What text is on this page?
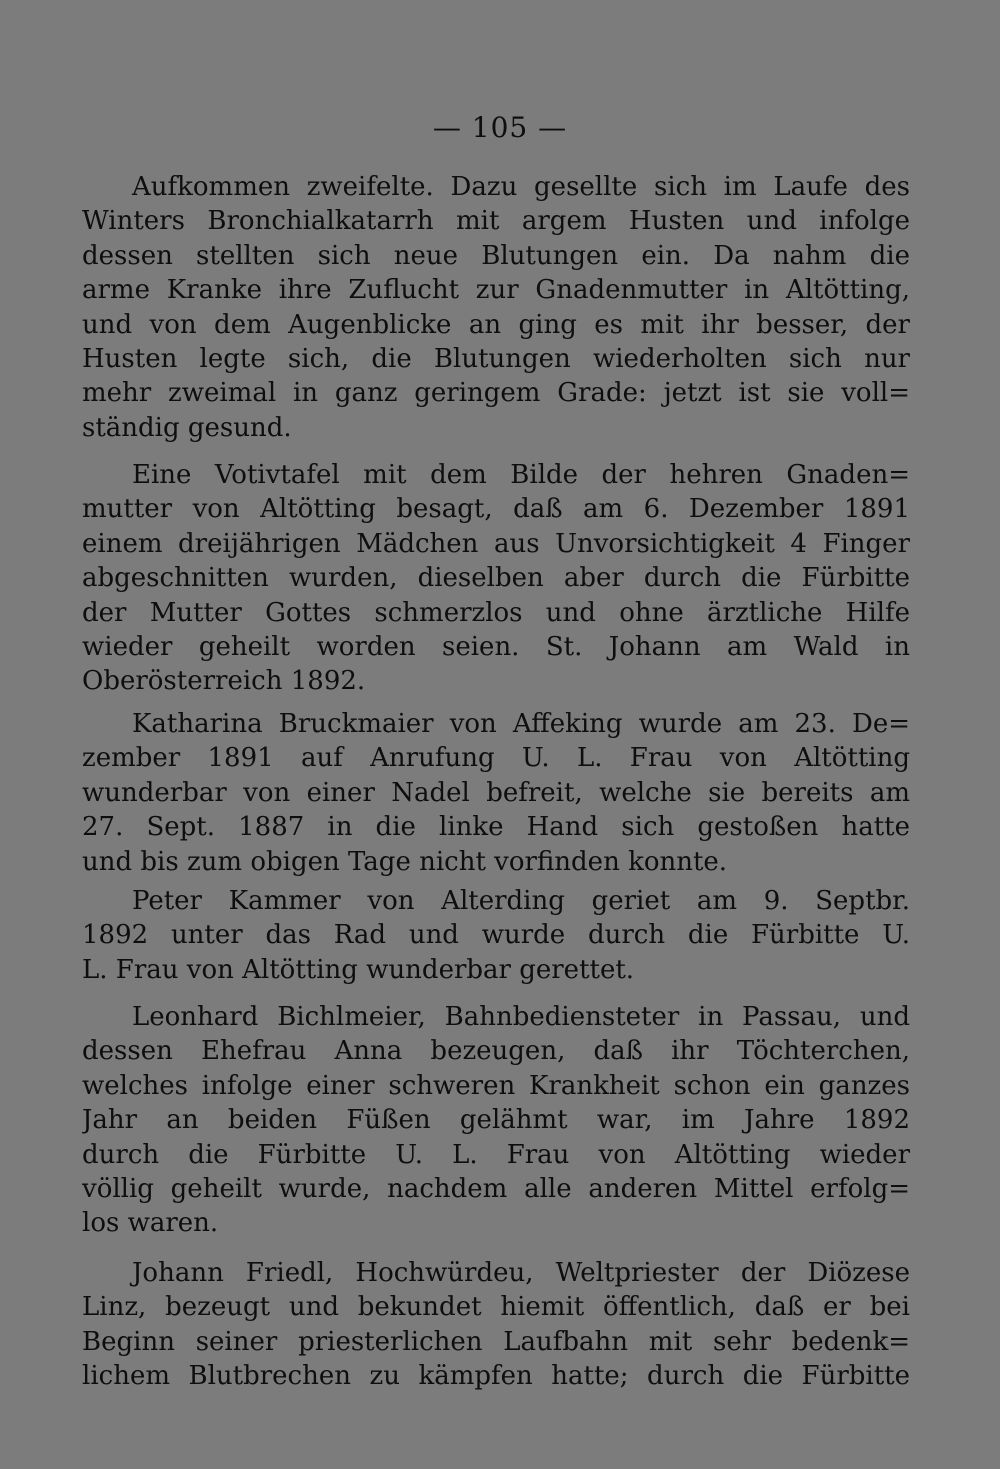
— 105 —
Aufkommen zweifelte. Dazu gesellte sich im Laufe des
Winters Bronchialkatarrh mit argem Husten und infolge
dessen stellten sich neue Blutungen ein. Da nahm die
arme Kranke ihre Zuflucht zur Gnadenmutter in Altötting,
und von dem Augenblicke an ging es mit ihr besser, der
Husten legte sich, die Blutungen wiederholten sich nur
mehr zweimal in ganz geringem Grade: jetzt ist sie voll=
ständig gesund.
Eine Votivtafel mit dem Bilde der hehren Gnaden=
mutter von Altötting besagt, daß am 6. Dezember 1891
einem dreijährigen Mädchen aus Unvorsichtigkeit 4 Finger
abgeschnitten wurden, dieselben aber durch die Fürbitte
der Mutter Gottes schmerzlos und ohne ärztliche Hilfe
wieder geheilt worden seien. St. Johann am Wald in
Oberösterreich 1892.
Katharina Bruckmaier von Affeking wurde am 23. De=
zember 1891 auf Anrufung U. L. Frau von Altötting
wunderbar von einer Nadel befreit, welche sie bereits am
27. Sept. 1887 in die linke Hand sich gestoßen hatte
und bis zum obigen Tage nicht vorfinden konnte.
Peter Kammer von Alterding geriet am 9. Septbr.
1892 unter das Rad und wurde durch die Fürbitte U.
L. Frau von Altötting wunderbar gerettet.
Leonhard Bichlmeier, Bahnbediensteter in Passau, und
dessen Ehefrau Anna bezeugen, daß ihr Töchterchen,
welches infolge einer schweren Krankheit schon ein ganzes
Jahr an beiden Füßen gelähmt war, im Jahre 1892
durch die Fürbitte U. L. Frau von Altötting wieder
völlig geheilt wurde, nachdem alle anderen Mittel erfolg=
los waren.
Johann Friedl, Hochwürdeu, Weltpriester der Diözese
Linz, bezeugt und bekundet hiemit öffentlich, daß er bei
Beginn seiner priesterlichen Laufbahn mit sehr bedenk=
lichem Blutbrechen zu kämpfen hatte; durch die Fürbitte
